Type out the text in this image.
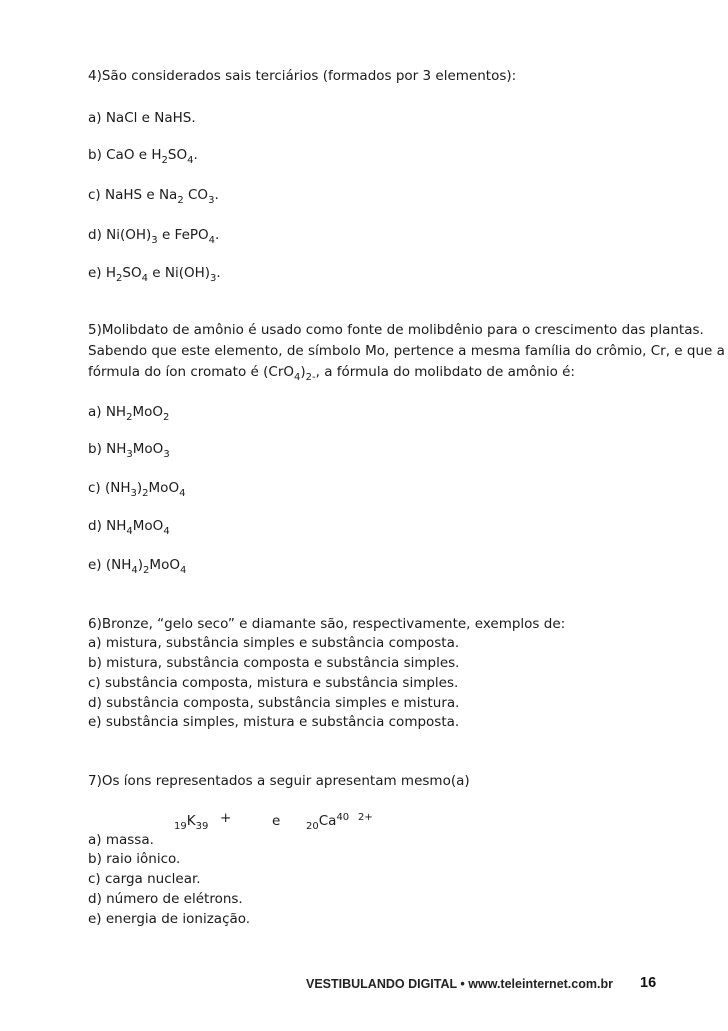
4)São considerados sais terciários (formados por 3 elementos):
a) NaCl e NaHS.
b) CaO e $H_2SO_4$.
c) NaHS e $Na_2$ $CO_3$.
d) $Ni(OH)_3$ e FePO$_4$.
e) $H_2SO_4$ e $Ni(OH)_3$.
5)Molibdato de amônio é usado como fonte de molibdênio para o crescimento das plantas.
Sabendo que este elemento, de símbolo Mo, pertence a mesma família do crômio, Cr, e que a
fórmula do íon cromato é $(CrO_4)_{2-}$, a fórmula do molibdato de amônio é:
a) $NH_2MoO_2$
b) $NH_3MoO_3$
c) $(NH_3)_2MoO_4$
d) $NH_4MoO_4$
e) $(NH_4)_2MoO_4$
6)Bronze, “gelo seco” e diamante são, respectivamente, exemplos de:
a) mistura, substância simples e substância composta.
b) mistura, substância composta e substância simples.
c) substância composta, mistura e substância simples.
d) substância composta, substância simples e mistura.
e) substância simples, mistura e substância composta.
7)Os íons representados a seguir apresentam mesmo(a)
$_{19}K_{39}$
+	e	$_{20}Ca^{40}$ 2+
a) massa.
b) raio iônico.
c) carga nuclear.
d) número de elétrons.
e) energia de ionização.
VESTIBULANDO DIGITAL • www.teleinternet.com.br 16
